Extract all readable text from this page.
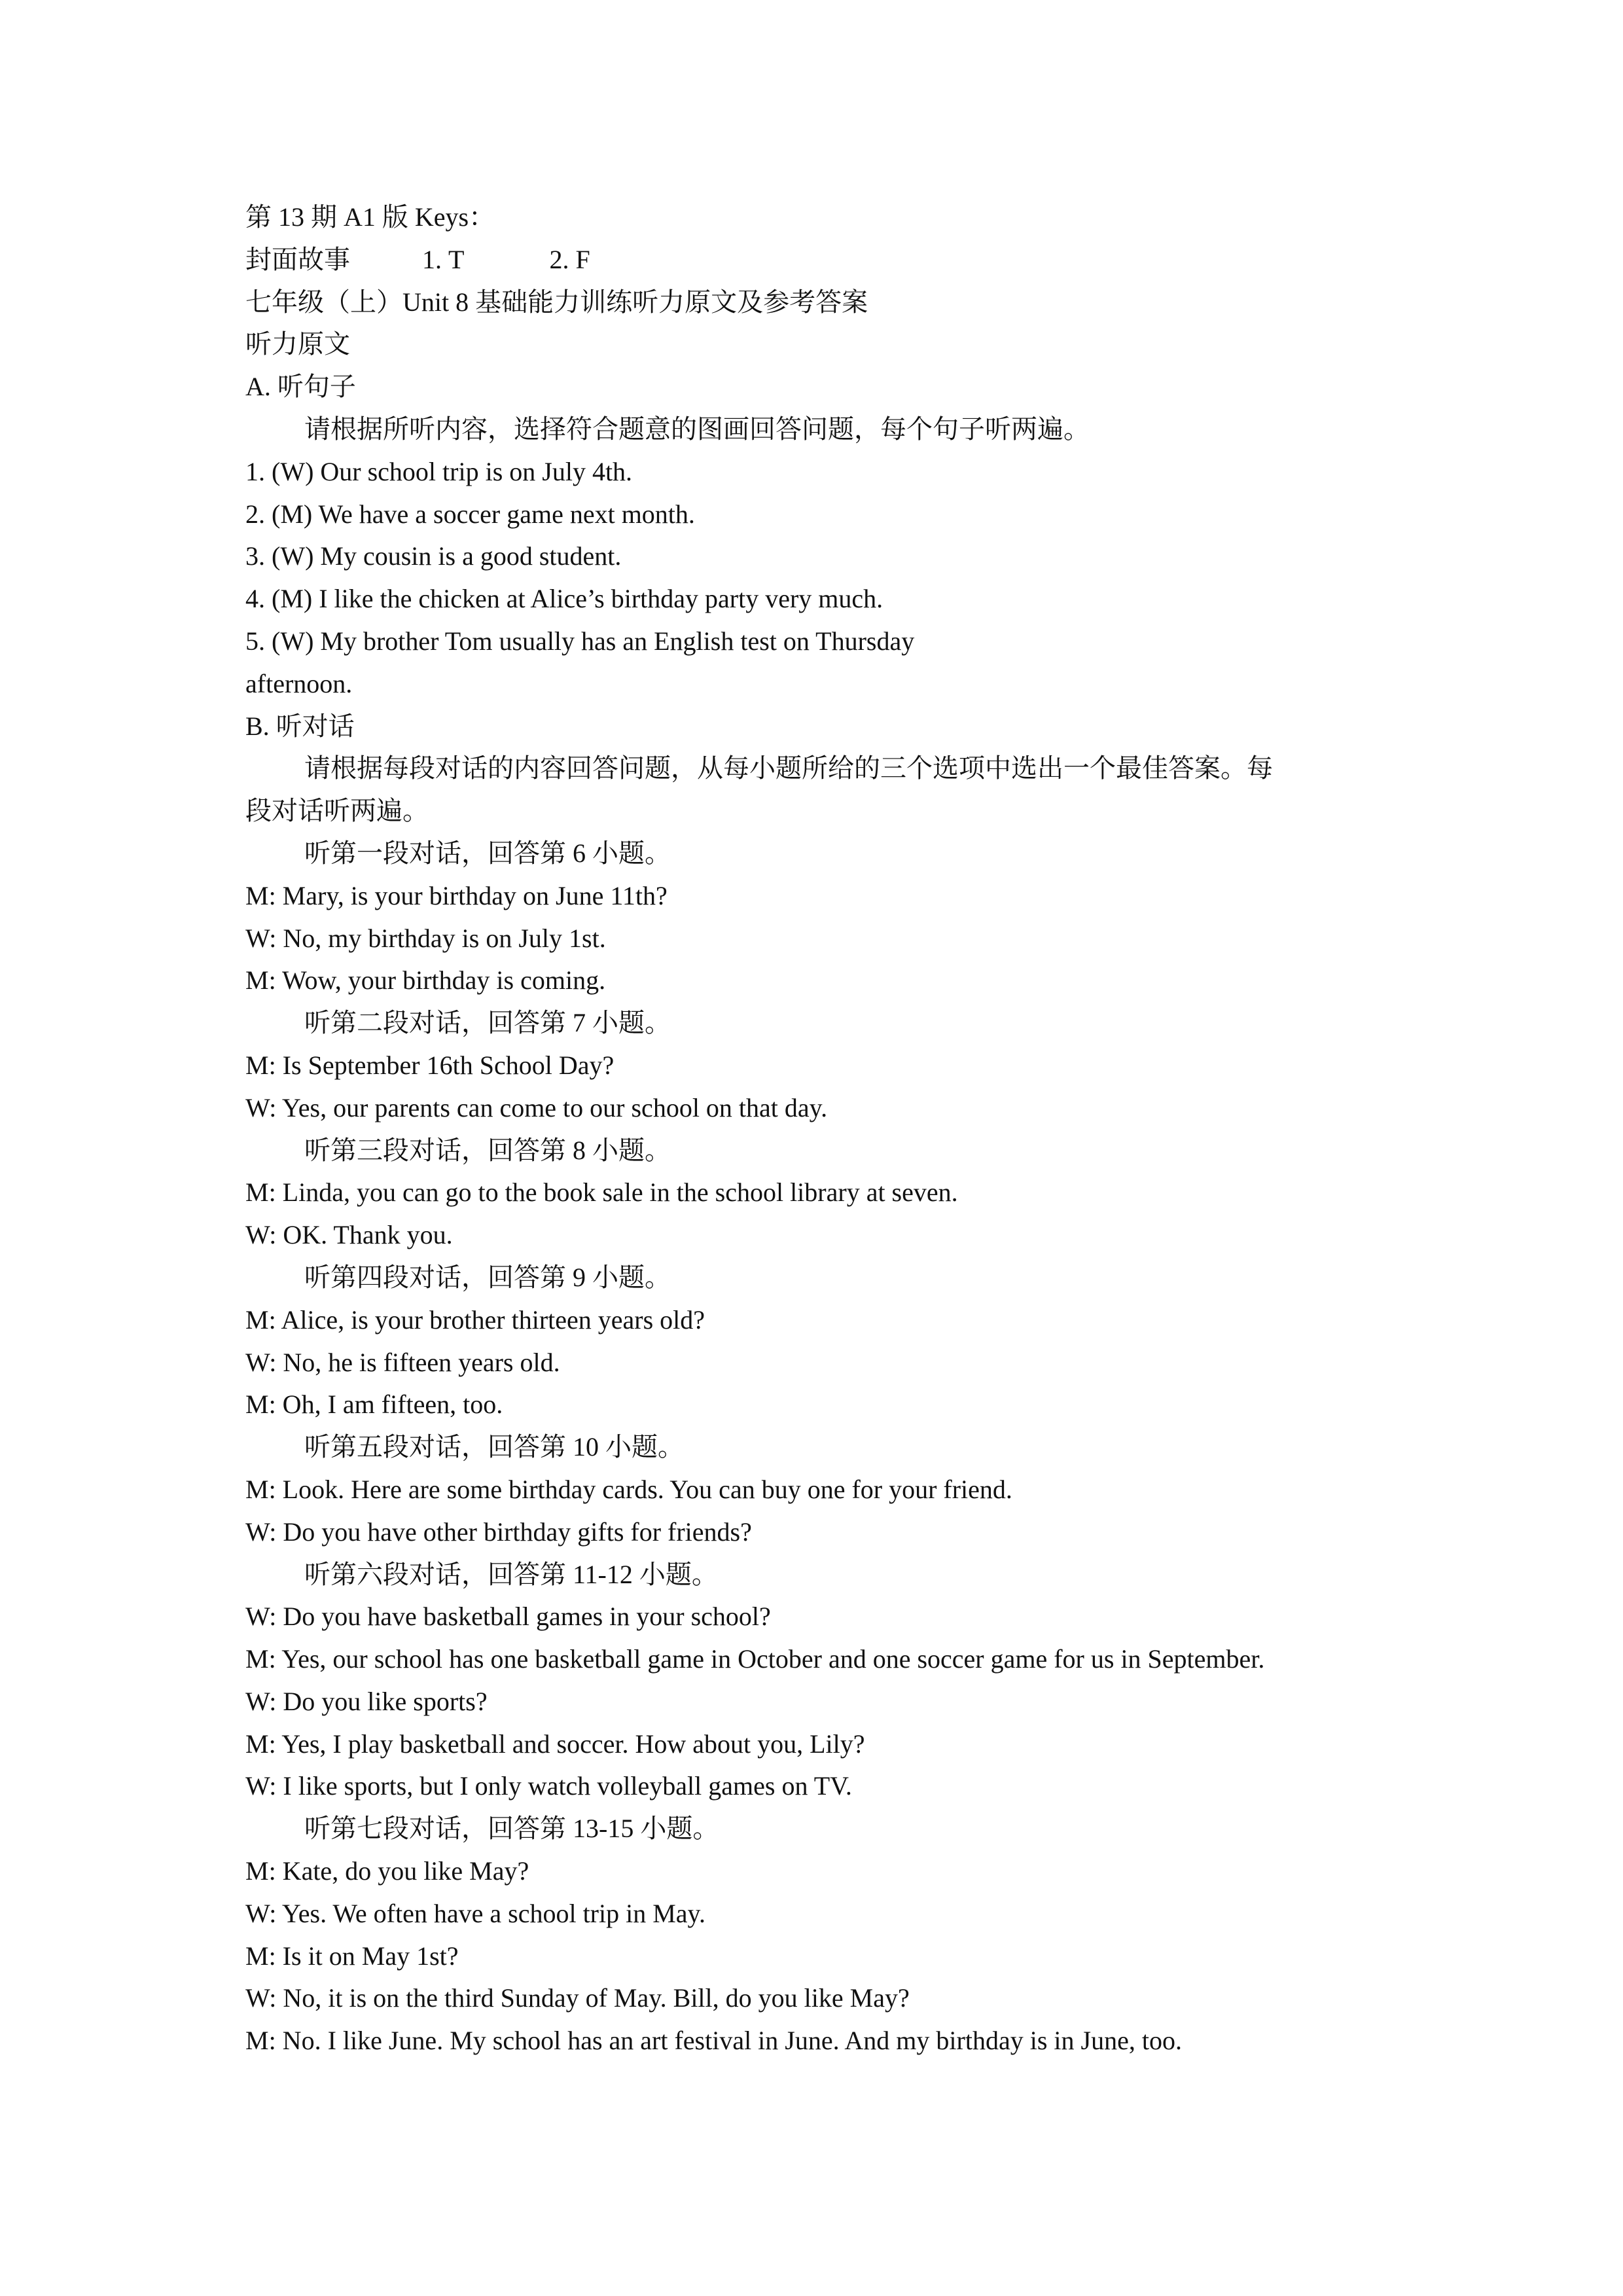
第 13 期 A1 版 Keys：
封面故事	1. T	2. F
七年级（上）Unit 8 基础能力训练听力原文及参考答案
听力原文
A. 听句子
请根据所听内容，选择符合题意的图画回答问题，每个句子听两遍。
1. (W) Our school trip is on July 4th.
2. (M) We have a soccer game next month.
3. (W) My cousin is a good student.
4. (M) I like the chicken at Alice’s birthday party very much.
5. (W) My brother Tom usually has an English test on Thursday
afternoon.
B. 听对话
请根据每段对话的内容回答问题，从每小题所给的三个选项中选出一个最佳答案。每
段对话听两遍。
听第一段对话，回答第 6 小题。
M: Mary, is your birthday on June 11th?
W: No, my birthday is on July 1st.
M: Wow, your birthday is coming.
听第二段对话，回答第 7 小题。
M: Is September 16th School Day?
W: Yes, our parents can come to our school on that day.
听第三段对话，回答第 8 小题。
M: Linda, you can go to the book sale in the school library at seven.
W: OK. Thank you.
听第四段对话，回答第 9 小题。
M: Alice, is your brother thirteen years old?
W: No, he is fifteen years old.
M: Oh, I am fifteen, too.
听第五段对话，回答第 10 小题。
M: Look. Here are some birthday cards. You can buy one for your friend.
W: Do you have other birthday gifts for friends?
听第六段对话，回答第 11-12 小题。
W: Do you have basketball games in your school?
M: Yes, our school has one basketball game in October and one soccer game for us in September.
W: Do you like sports?
M: Yes, I play basketball and soccer. How about you, Lily?
W: I like sports, but I only watch volleyball games on TV.
听第七段对话，回答第 13-15 小题。
M: Kate, do you like May?
W: Yes. We often have a school trip in May.
M: Is it on May 1st?
W: No, it is on the third Sunday of May. Bill, do you like May?
M: No. I like June. My school has an art festival in June. And my birthday is in June, too.
